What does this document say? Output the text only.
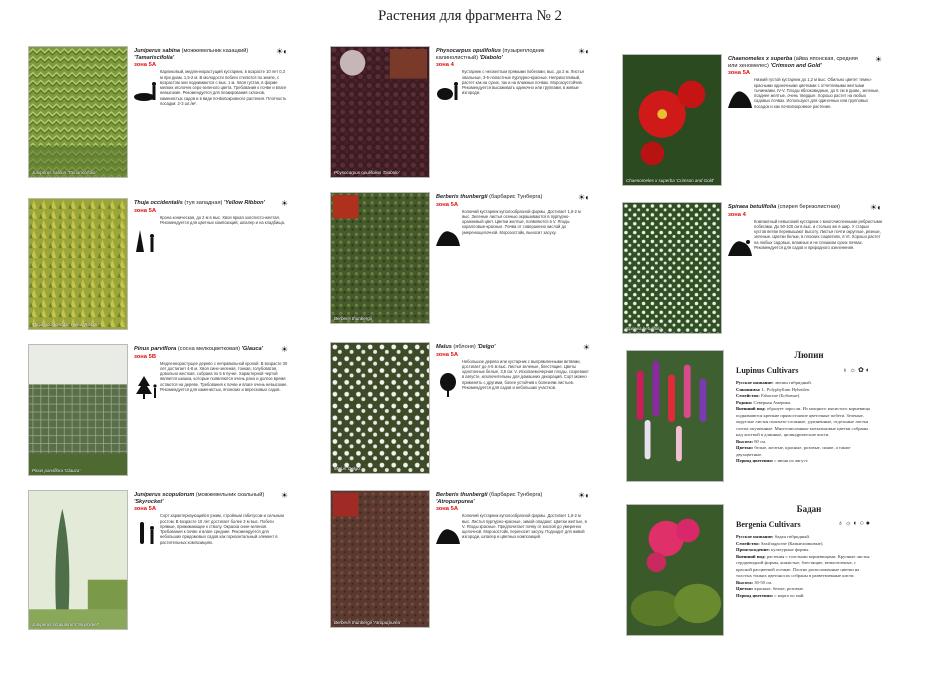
Растения для фрагмента № 2
Juniperus sabina 'Tamariscifolia'
☀◐
Juniperus sabina (можжевельник казацкий) 'Tamariscifolia'
зона 5А
Карликовый, медленнорастущий кустарник, в возрасте 10 лет 0,3 м при диам. 1,5-2 м. В молодости побеги стелются по земле, с возрастом они поднимаются с вых. 1 м. Хвоя густая, в форме мелких иголочек серо-зеленого цвета. Требования к почве и влаге невысокие. Рекомендуется для плакирования склонов, каменистых садов и в виде почвопокровного растения. Плотность посадки: 2-3 шт./м².
Thuja occidentalis 'Yellow Ribbon'
☀
Thuja occidentalis (туя западная) 'Yellow Ribbon'
зона 5А
Крона коническая, до 2 м в выс. Хвоя яркая золотисто-желтая. Рекомендуется для цветных композиций, шпалер и на кладбища.
Pinus parviflora 'Glauca'
☀
Pinus parviflora (сосна мелкоцветковая) 'Glauca'
зона 5В
Медленнорастущее дерево с неправильной кроной. В возрасте 30 лет достигает 4-8 м. Хвоя сине-зеленая, тонкая, голубоватая, довольно жесткая, собрана по 5 в пучке. Характерной чертой является шишка, которые появляются очень рано и долгое время остаются на дереве. Требования к почве и влаге очень невысокие. Рекомендуется для каменистых, японских и вересковых садов.
Juniperus scopulorum 'Skyrocket'
☀
Juniperus scopulorum (можжевельник скальный) 'Skyrocket'
зона 5А
Сорт характеризующийся узким, стройным габитусом и сильным ростом. В возрасте 10 лет достигает более 3 м выс. Побеги прямые, прижимающие к стволу. Окраска сине-зеленая. Требования к почве и влаге средние. Рекомендуется для небольших придомовых садов как горизонтальный элемент в растительных композициях.
Physocarpus opulifolius 'Diabolo'
☀◐
Physocarpus opulifolius (пузыреплодник калинолистный) 'Diabolo'
зона 4
Кустарник с несжелтым прямыми побегами, выс. до 2 м. Листья овальные, 3-5-лопастные пурпурно-красные. Неприхотливый, растет как на сухих, так и на влажных почвах. Морозоустойчив. Рекомендуется высаживать одиночно или группами, в живые изгороди.
Berberis thunbergii
☀◐
Berberis thunbergii (барбарис Тунберга)
зона 5А
Колючий кустарник куполообразной формы. Достигает 1,5-2 м выс. Зеленые листья осенью окрашиваются в пурпурно-оранжевый цвет. Цветки желтые, появляются в V. Ягоды коралловые-красные. Почва от совершенно кислой до умеренощелочной. Морозостойк, выносит засуху.
Malus 'Delgo'
☀
Malus (яблоня) 'Delgo'
зона 5А
Небольшое дерево или кустарник с выпрямленными ветвями, достигает до 4-5 м выс. Листья зеленые, блестящие. Цветы однотонные белые, 3,5 см. V. Ископаемочерная плоды, созревают в августе, исключительны для домашних декораций. Сорт можно применять с другими, более устойчив к болезням листьев. Рекомендуется для садов и небольших участков.
Berberis thunbergii 'Atropurpurea'
☀◐
Berberis thunbergii (барбарис Тунберга) 'Atropurpurea'
зона 5А
Колючий кустарник куполообразной формы. Достигает 1,5-2 м выс. Листья пурпурно-красные, зимой опадают. Цветки желтые, в V. Ягоды красные. Предпочитает почву от кислой до умеренно щелочной. Морозостойк, переносит засуху. Подходит для живой изгороди, шпалер и цветных композиций.
Chaenomeles x superba 'Crimson and Gold'
☀
Chaenomeles x superba (айва японская, средняя или хеномелес) 'Crimson and Gold'
зона 5А
Низкий густой кустарник до 1,2 м выс. Обильно цветет темно-красными одиночными цветками с отчетливыми желтыми тычинками. IV-V. Плоды яблоковидные, до 5 см в диам., зеленые, позднее желтые, очень твердые. Хорошо растет на любых садовых почвах. Используют для одиночных или групповых посадок и как почвопокровное растение.
Spiraea betulifolia
☀◐
Spiraea betulifolia (спирея березолистная)
зона 4
Компактный невысокий кустарник с многочисленными ребристыми побегами. До 50-100 см в выс. и столько же в шир. У старых кустов ветви перевышают высоту. Листья почти округлые, резные, зеленые. Цветки белые, в плоских соцветиях, в VI. Хорошо растет на любых садовых, влажных и не слишком сухих почвах. Рекомендуется для садов и природного озеленения.
Люпин
Lupinus Cultivars	♁ ☼ ✿ ◐
Русское название: люпин гибридный.
Синонимы: L. Polyphyllum Hybriden.
Семейство: Fabaceae (Бобовые).
Родина: Северная Америка.
Внешний вид: образует заросли. Из мощного мясистого корневища поднимаются крепкие прямостоячие цветочные побеги. Зеленые, округлые листья пальчато-сложные, удлиненные, отдельные листья слегка опушенные. Многочисленные мотыльковые цветки собраны над листвой в длинные, цилиндрические кисти.
Высота: 80 см.
Цветки: белые, желтые, красные, розовые, синие, а также двухцветные.
Период цветения: с июня по август.
Бадан
Bergenia Cultivars	♁ ☼ ◐ ○ ●
Русское название: бадан гибридный.
Семейство: Saxifragaceae (Камнеломковые).
Происхождение: культурные формы.
Внешний вид: растения с толстыми корневищами. Крупные листья сердцевидной формы, кожистые, блестящие, вечнозеленые, с красной раcцветкой осенью. Плотно расположенные цветки на толстых тонких цветоносах собраны в разветвленные кисти.
Высота: 30-50 см.
Цветки: красные, белые, розовые.
Период цветения: с марта по май.
